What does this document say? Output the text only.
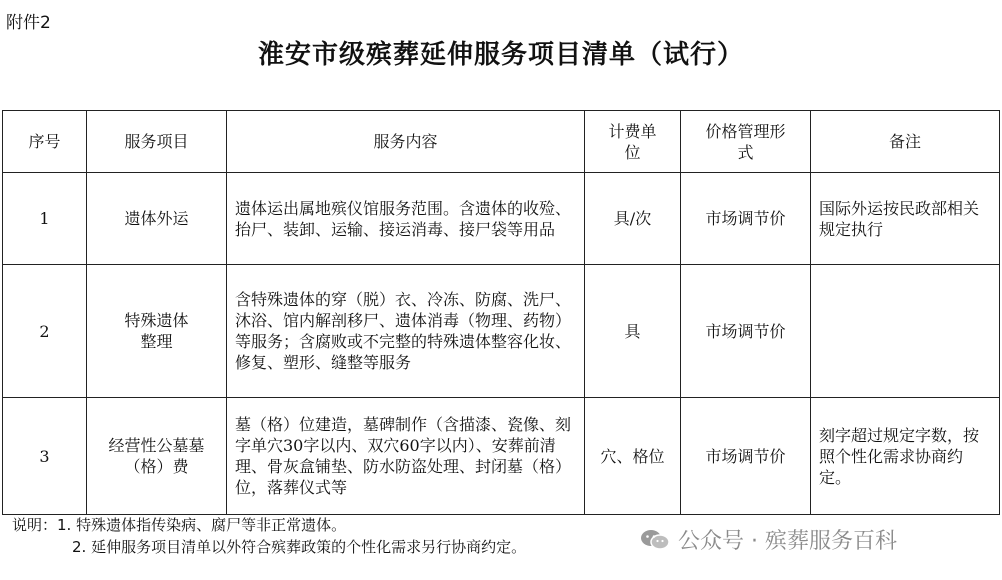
附件2
淮安市级殡葬延伸服务项目清单（试行）
序号	服务项目	服务内容	计费单位	价格管理形式	备注
1	遗体外运	遗体运出属地殡仪馆服务范围。含遗体的收殓、抬尸、装卸、运输、接运消毒、接尸袋等用品	具/次	市场调节价	国际外运按民政部相关规定执行
2	特殊遗体整理	含特殊遗体的穿（脱）衣、冷冻、防腐、洗尸、沐浴、馆内解剖移尸、遗体消毒（物理、药物）等服务；含腐败或不完整的特殊遗体整容化妆、修复、塑形、缝整等服务	具	市场调节价	
3	经营性公墓墓（格）费	墓（格）位建造，墓碑制作（含描漆、瓷像、刻字单穴30字以内、双穴60字以内）、安葬前清理、骨灰盒铺垫、防水防盗处理、封闭墓（格）位，落葬仪式等	穴、格位	市场调节价	刻字超过规定字数，按照个性化需求协商约定。
说明：1. 特殊遗体指传染病、腐尸等非正常遗体。
2. 延伸服务项目清单以外符合殡葬政策的个性化需求另行协商约定。	公众号 · 殡葬服务百科
